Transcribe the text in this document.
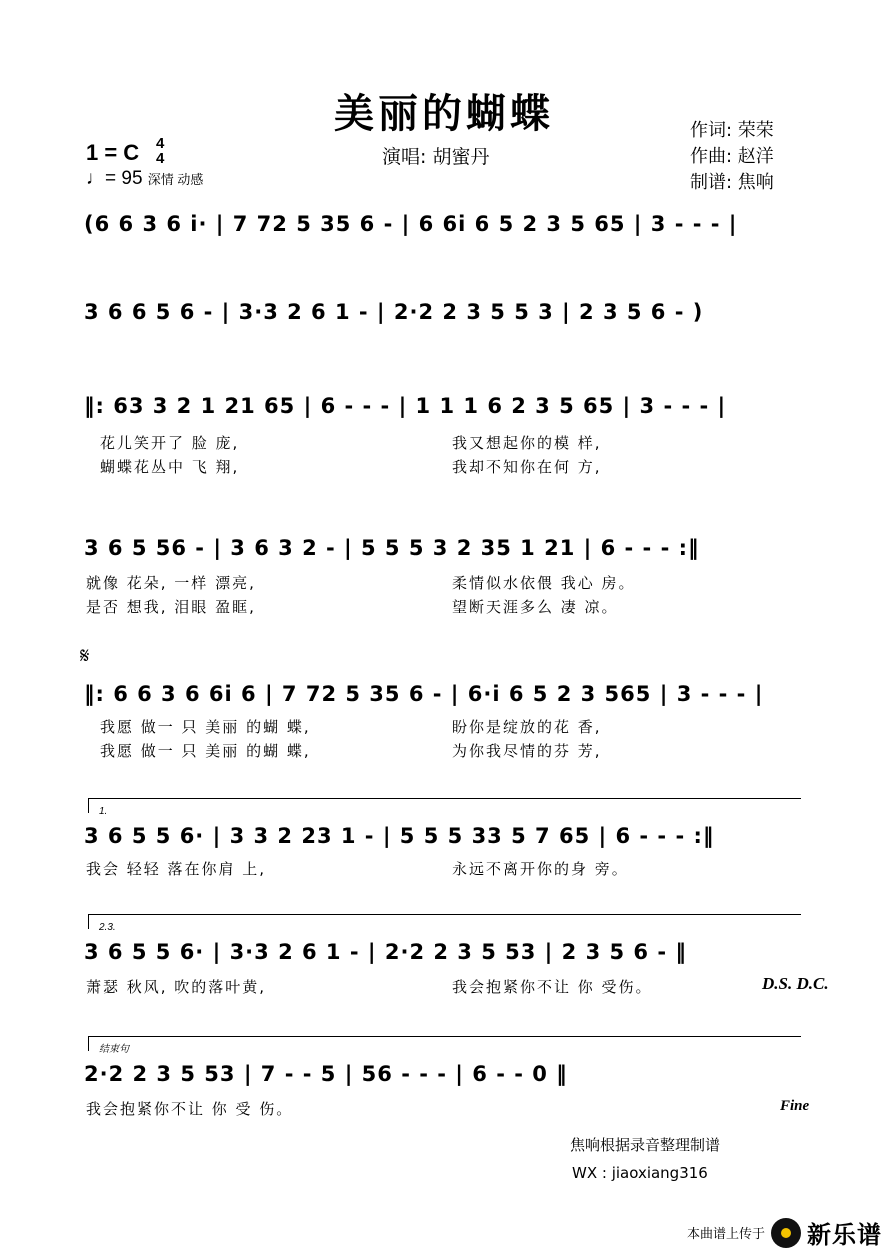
美丽的蝴蝶
1 = C 4
4
♩= 95 深情 动感
演唱: 胡蜜丹
作词: 荣荣
作曲: 赵洋
制谱: 焦响
(6 6 3 6 i· | 7 72 5 35 6 - | 6 6i 6 5 2 3 5 65 | 3 - - - |
3 6 6 5 6 - | 3·3 2 6 1 - | 2·2 2 3 5 5 3 | 2 3 5 6 - )
‖: 63 3 2 1 21 65 | 6 - - - | 1 1 1 6 2 3 5 65 | 3 - - - |
花儿笑开了 脸 庞,	我又想起你的模 样,
蝴蝶花丛中 飞 翔,	我却不知你在何 方,
3 6 5 56 - | 3 6 3 2 - | 5 5 5 3 2 35 1 21 | 6 - - - :‖
就像 花朵, 一样 漂亮,	柔情似水依偎 我心 房。
是否 想我, 泪眼 盈眶,	望断天涯多么 凄 凉。
𝄋
‖: 6 6 3 6 6i 6 | 7 72 5 35 6 - | 6·i 6 5 2 3 565 | 3 - - - |
我愿 做一 只 美丽 的蝴 蝶,	盼你是绽放的花 香,
我愿 做一 只 美丽 的蝴 蝶,	为你我尽情的芬 芳,
1.
3 6 5 5 6· | 3 3 2 23 1 - | 5 5 5 33 5 7 65 | 6 - - - :‖
我会 轻轻 落在你肩 上,	永远不离开你的身 旁。
2.3.
3 6 5 5 6· | 3·3 2 6 1 - | 2·2 2 3 5 53 | 2 3 5 6 - ‖
萧瑟 秋风, 吹的落叶黄,	我会抱紧你不让 你 受伤。	D.S. D.C.
结束句
2·2 2 3 5 53 | 7 - - 5 | 56 - - - | 6 - - 0 ‖
我会抱紧你不让 你 受 伤。	Fine
焦响根据录音整理制谱
WX : jiaoxiang316
本曲谱上传于 新乐谱
